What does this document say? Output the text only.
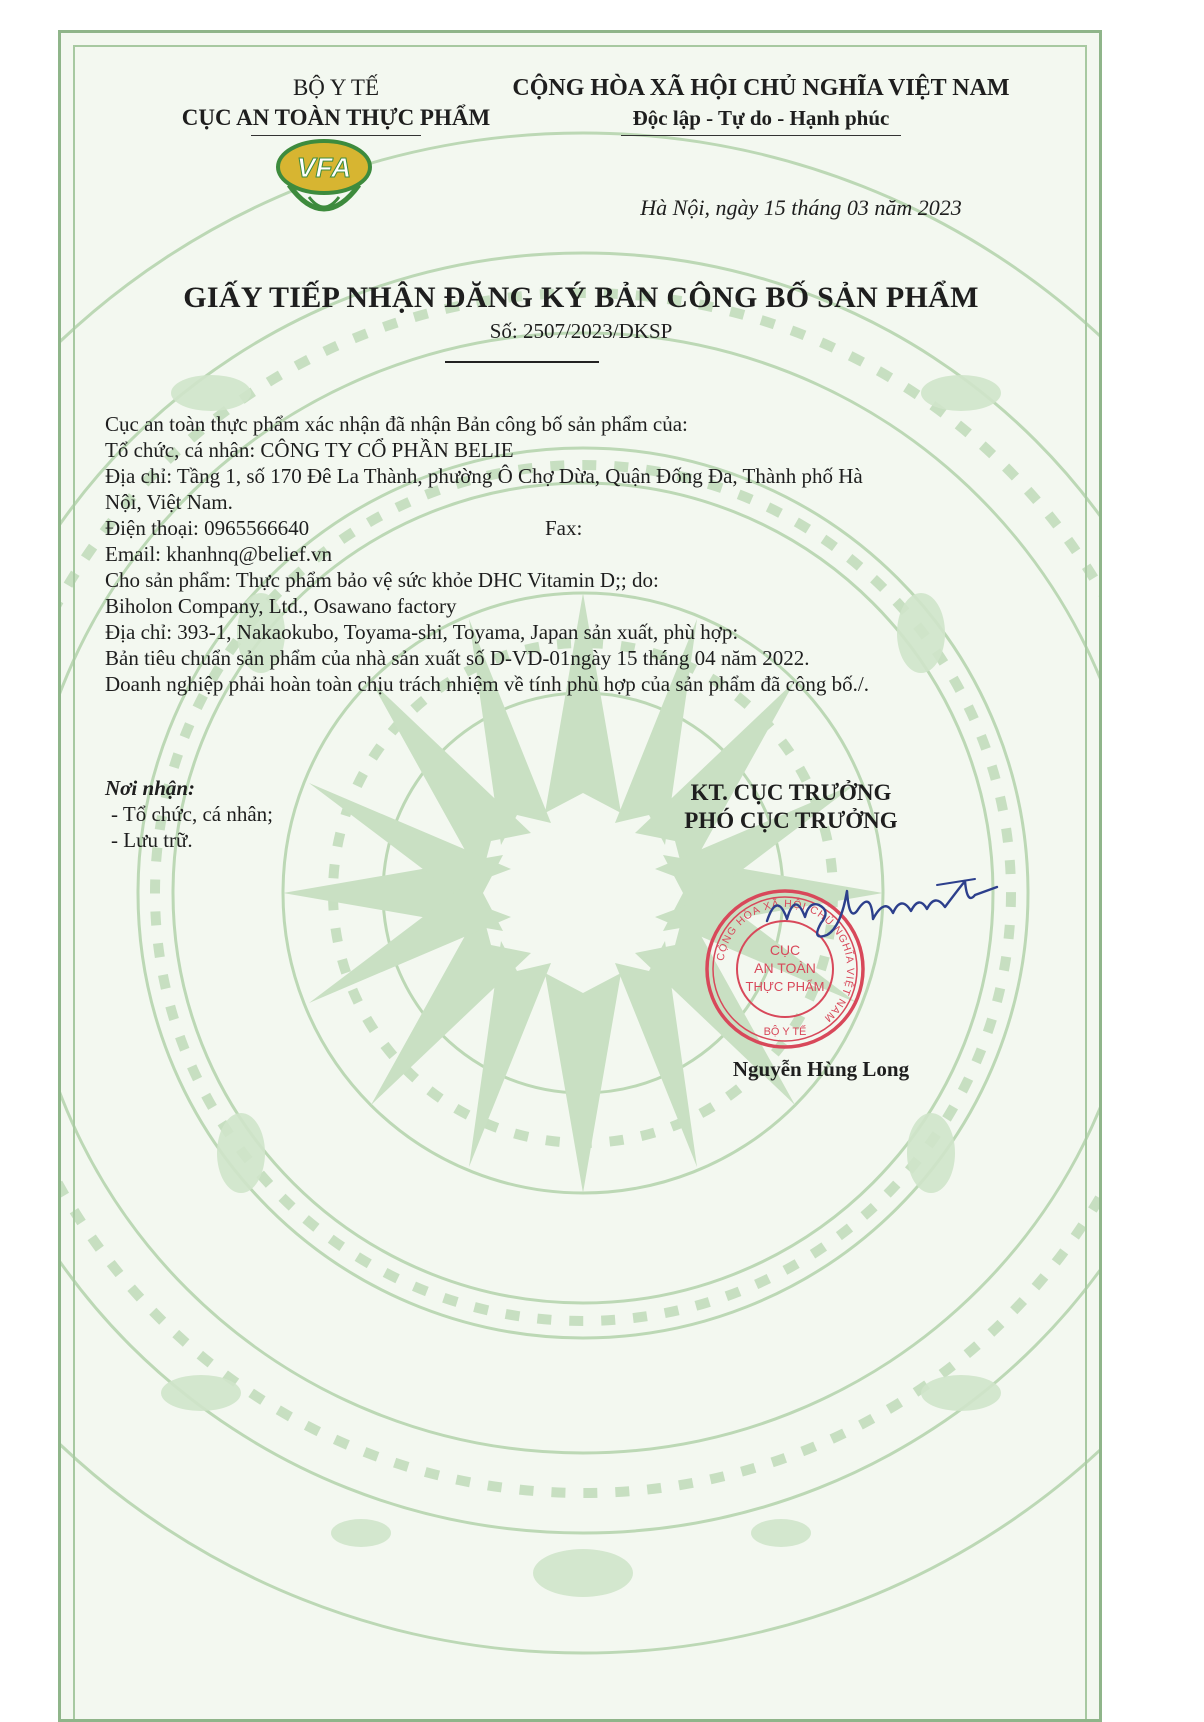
BỘ Y TẾ
CỤC AN TOÀN THỰC PHẨM
VFA
CỘNG HÒA XÃ HỘI CHỦ NGHĨA VIỆT NAM
Độc lập - Tự do - Hạnh phúc
Hà Nội, ngày 15 tháng 03 năm 2023
GIẤY TIẾP NHẬN ĐĂNG KÝ BẢN CÔNG BỐ SẢN PHẨM
Số: 2507/2023/DKSP

Cục an toàn thực phẩm xác nhận đã nhận Bản công bố sản phẩm của:

Tổ chức, cá nhân: CÔNG TY CỔ PHẦN BELIE

Địa chỉ: Tầng 1, số 170 Đê La Thành, phường Ô Chợ Dừa, Quận Đống Đa, Thành phố Hà

Nội, Việt Nam.

Điện thoại: 0965566640	Fax:

Email: khanhnq@belief.vn

Cho sản phẩm: Thực phẩm bảo vệ sức khỏe DHC Vitamin D;; do:

Biholon Company, Ltd., Osawano factory

Địa chỉ: 393-1, Nakaokubo, Toyama-shi, Toyama, Japan sản xuất, phù hợp:

Bản tiêu chuẩn sản phẩm của nhà sản xuất số D-VD-01ngày 15 tháng 04 năm 2022.

Doanh nghiệp phải hoàn toàn chịu trách nhiệm về tính phù hợp của sản phẩm đã công bố./.

Nơi nhận:

- Tổ chức, cá nhân;

- Lưu trữ.

KT. CỤC TRƯỞNG
PHÓ CỤC TRƯỞNG
CỘNG HÒA XÃ HỘI CHỦ NGHĨA VIỆT NAM
CỤC
AN TOÀN
THỰC PHẨM
BỘ Y TẾ
Nguyễn Hùng Long
